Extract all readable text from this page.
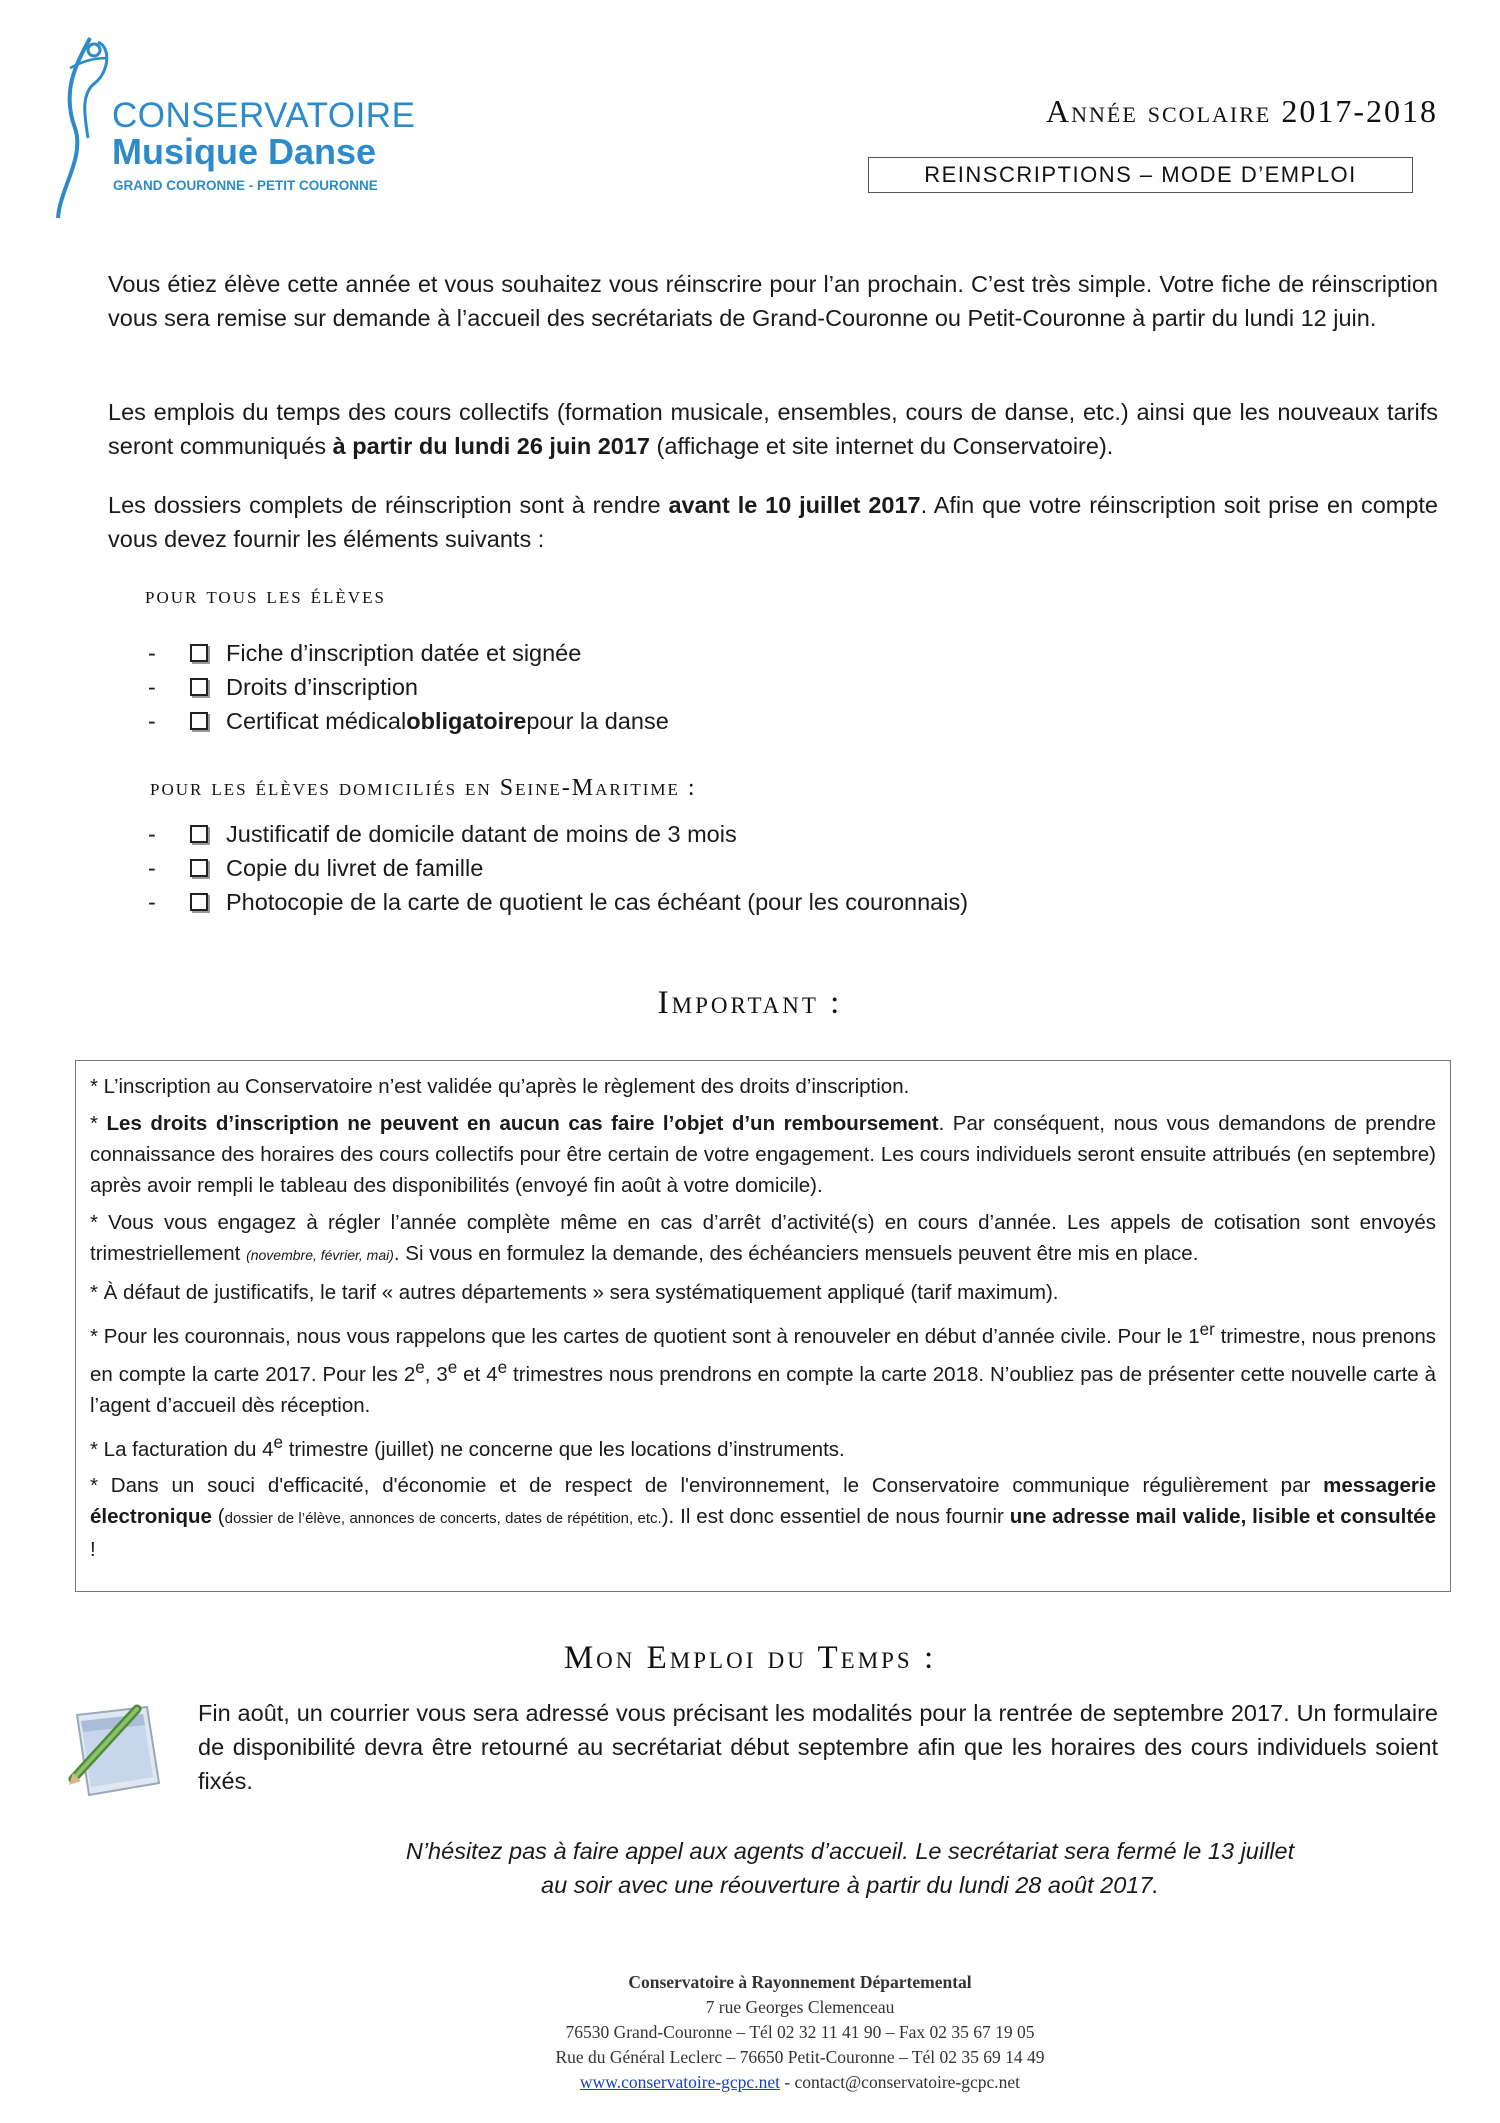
CONSERVATOIRE
Musique Danse
GRAND COURONNE - PETIT COURONNE
Année scolaire 2017-2018
REINSCRIPTIONS – MODE D’EMPLOI

Vous étiez élève cette année et vous souhaitez vous réinscrire pour l’an prochain. C’est très simple. Votre fiche de réinscription vous sera remise sur demande à l’accueil des secrétariats de Grand-Couronne ou Petit-Couronne à partir du lundi 12 juin.

Les emplois du temps des cours collectifs (formation musicale, ensembles, cours de danse, etc.) ainsi que les nouveaux tarifs seront communiqués à partir du lundi 26 juin 2017 (affichage et site internet du Conservatoire).

Les dossiers complets de réinscription sont à rendre avant le 10 juillet 2017. Afin que votre réinscription soit prise en compte vous devez fournir les éléments suivants :

pour tous les élèves
-	Fiche d’inscription datée et signée
-	Droits d’inscription
-	Certificat médical obligatoire pour la danse
pour les élèves domiciliés en Seine-Maritime :
-	Justificatif de domicile datant de moins de 3 mois
-	Copie du livret de famille
-	Photocopie de la carte de quotient le cas échéant (pour les couronnais)
Important :

* L’inscription au Conservatoire n’est validée qu’après le règlement des droits d’inscription.

* Les droits d’inscription ne peuvent en aucun cas faire l’objet d’un remboursement. Par conséquent, nous vous demandons de prendre connaissance des horaires des cours collectifs pour être certain de votre engagement. Les cours individuels seront ensuite attribués (en septembre) après avoir rempli le tableau des disponibilités (envoyé fin août à votre domicile).

* Vous vous engagez à régler l’année complète même en cas d’arrêt d’activité(s) en cours d’année. Les appels de cotisation sont envoyés trimestriellement (novembre, février, mai). Si vous en formulez la demande, des échéanciers mensuels peuvent être mis en place.

* À défaut de justificatifs, le tarif « autres départements » sera systématiquement appliqué (tarif maximum).

* Pour les couronnais, nous vous rappelons que les cartes de quotient sont à renouveler en début d’année civile. Pour le 1er trimestre, nous prenons en compte la carte 2017. Pour les 2e, 3e et 4e trimestres nous prendrons en compte la carte 2018. N’oubliez pas de présenter cette nouvelle carte à l’agent d’accueil dès réception.

* La facturation du 4e trimestre (juillet) ne concerne que les locations d’instruments.

* Dans un souci d'efficacité, d'économie et de respect de l'environnement, le Conservatoire communique régulièrement par messagerie électronique (dossier de l’élève, annonces de concerts, dates de répétition, etc.). Il est donc essentiel de nous fournir une adresse mail valide, lisible et consultée !

Mon Emploi du Temps :

Fin août, un courrier vous sera adressé vous précisant les modalités pour la rentrée de septembre 2017. Un formulaire de disponibilité devra être retourné au secrétariat début septembre afin que les horaires des cours individuels soient fixés.

N’hésitez pas à faire appel aux agents d’accueil. Le secrétariat sera fermé le 13 juillet
au soir avec une réouverture à partir du lundi 28 août 2017.
Conservatoire à Rayonnement Départemental
7 rue Georges Clemenceau
76530 Grand-Couronne – Tél 02 32 11 41 90 – Fax 02 35 67 19 05
Rue du Général Leclerc – 76650 Petit-Couronne – Tél 02 35 69 14 49
www.conservatoire-gcpc.net - contact@conservatoire-gcpc.net
